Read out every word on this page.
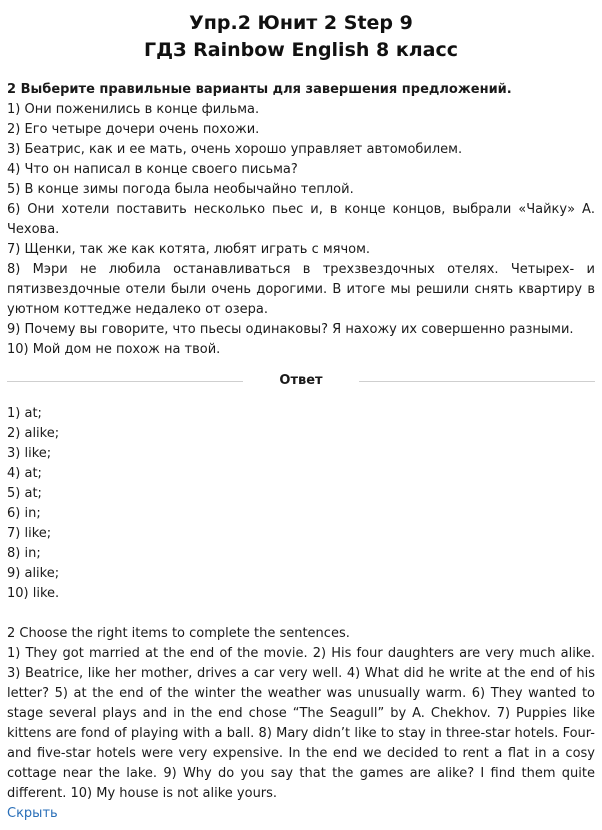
Упр.2 Юнит 2 Step 9
ГДЗ Rainbow English 8 класс

2 Выберите правильные варианты для завершения предложений.

1) Они поженились в конце фильма.

2) Его четыре дочери очень похожи.

3) Беатрис, как и ее мать, очень хорошо управляет автомобилем.

4) Что он написал в конце своего письма?

5) В конце зимы погода была необычайно теплой.

6) Они хотели поставить несколько пьес и, в конце концов, выбрали «Чайку» А. Чехова.

7) Щенки, так же как котята, любят играть с мячом.

8) Мэри не любила останавливаться в трехзвездочных отелях. Четырех- и пятизвездочные отели были очень дорогими. В итоге мы решили снять квартиру в уютном коттедже недалеко от озера.

9) Почему вы говорите, что пьесы одинаковы? Я нахожу их совершенно разными.

10) Мой дом не похож на твой.

Ответ

1) at;

2) alike;

3) like;

4) at;

5) at;

6) in;

7) like;

8) in;

9) alike;

10) like.

2 Choose the right items to complete the sentences.

1) They got married at the end of the movie. 2) His four daughters are very much alike. 3) Beatrice, like her mother, drives a car very well. 4) What did he write at the end of his letter? 5) at the end of the winter the weather was unusually warm. 6) They wanted to stage several plays and in the end chose “The Seagull” by A. Chekhov. 7) Puppies like kittens are fond of playing with a ball. 8) Mary didn’t like to stay in three-star hotels. Four- and five-star hotels were very expensive. In the end we decided to rent a flat in a cosy cottage near the lake. 9) Why do you say that the games are alike? I find them quite different. 10) My house is not alike yours.

Скрыть
